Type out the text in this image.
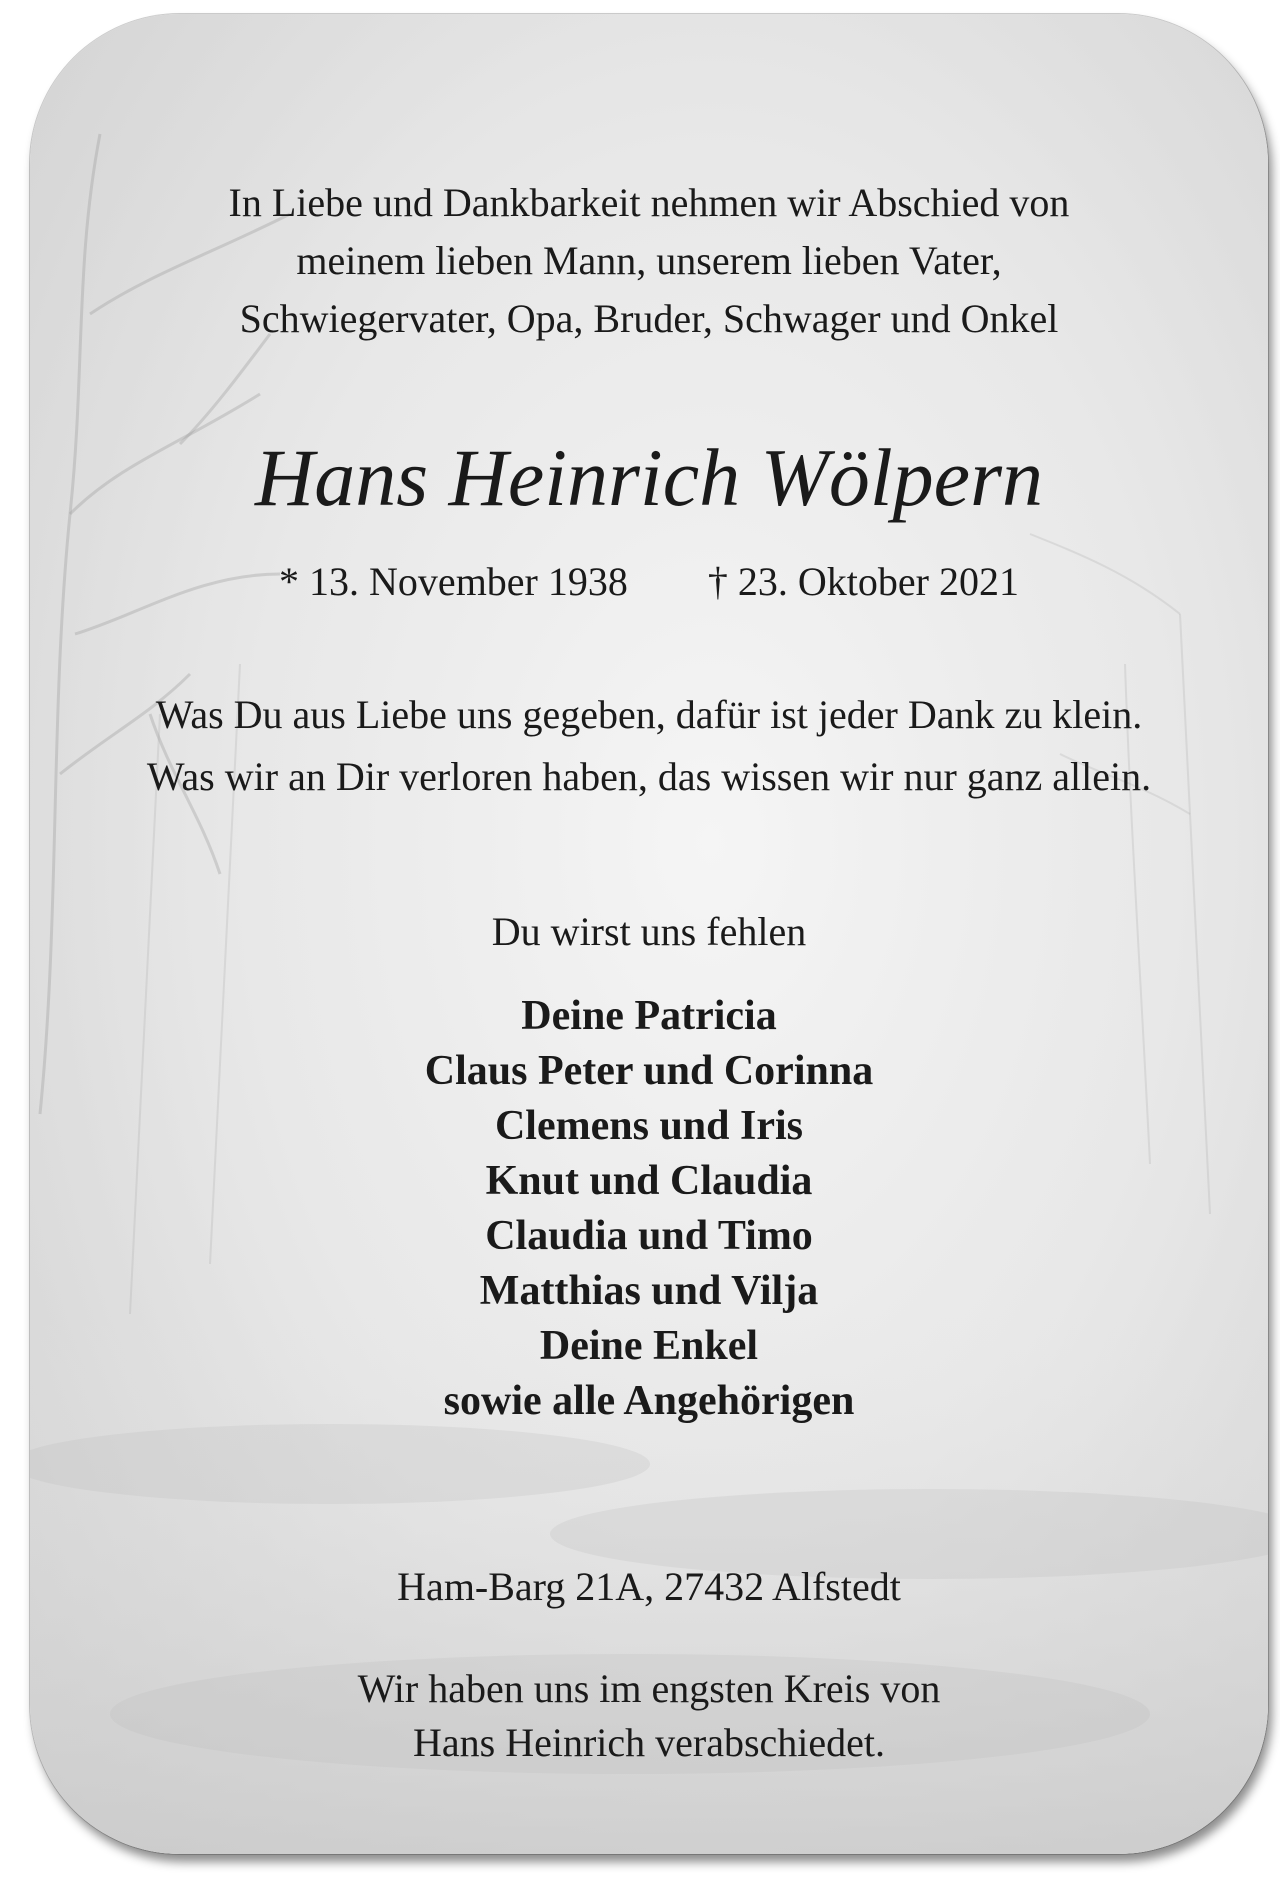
In Liebe und Dankbarkeit nehmen wir Abschied von
meinem lieben Mann, unserem lieben Vater,
Schwiegervater, Opa, Bruder, Schwager und Onkel
Hans Heinrich Wölpern
* 13. November 1938 † 23. Oktober 2021
Was Du aus Liebe uns gegeben, dafür ist jeder Dank zu klein.
Was wir an Dir verloren haben, das wissen wir nur ganz allein.
Du wirst uns fehlen
Deine Patricia
Claus Peter und Corinna
Clemens und Iris
Knut und Claudia
Claudia und Timo
Matthias und Vilja
Deine Enkel
sowie alle Angehörigen
Ham-Barg 21A, 27432 Alfstedt
Wir haben uns im engsten Kreis von
Hans Heinrich verabschiedet.
